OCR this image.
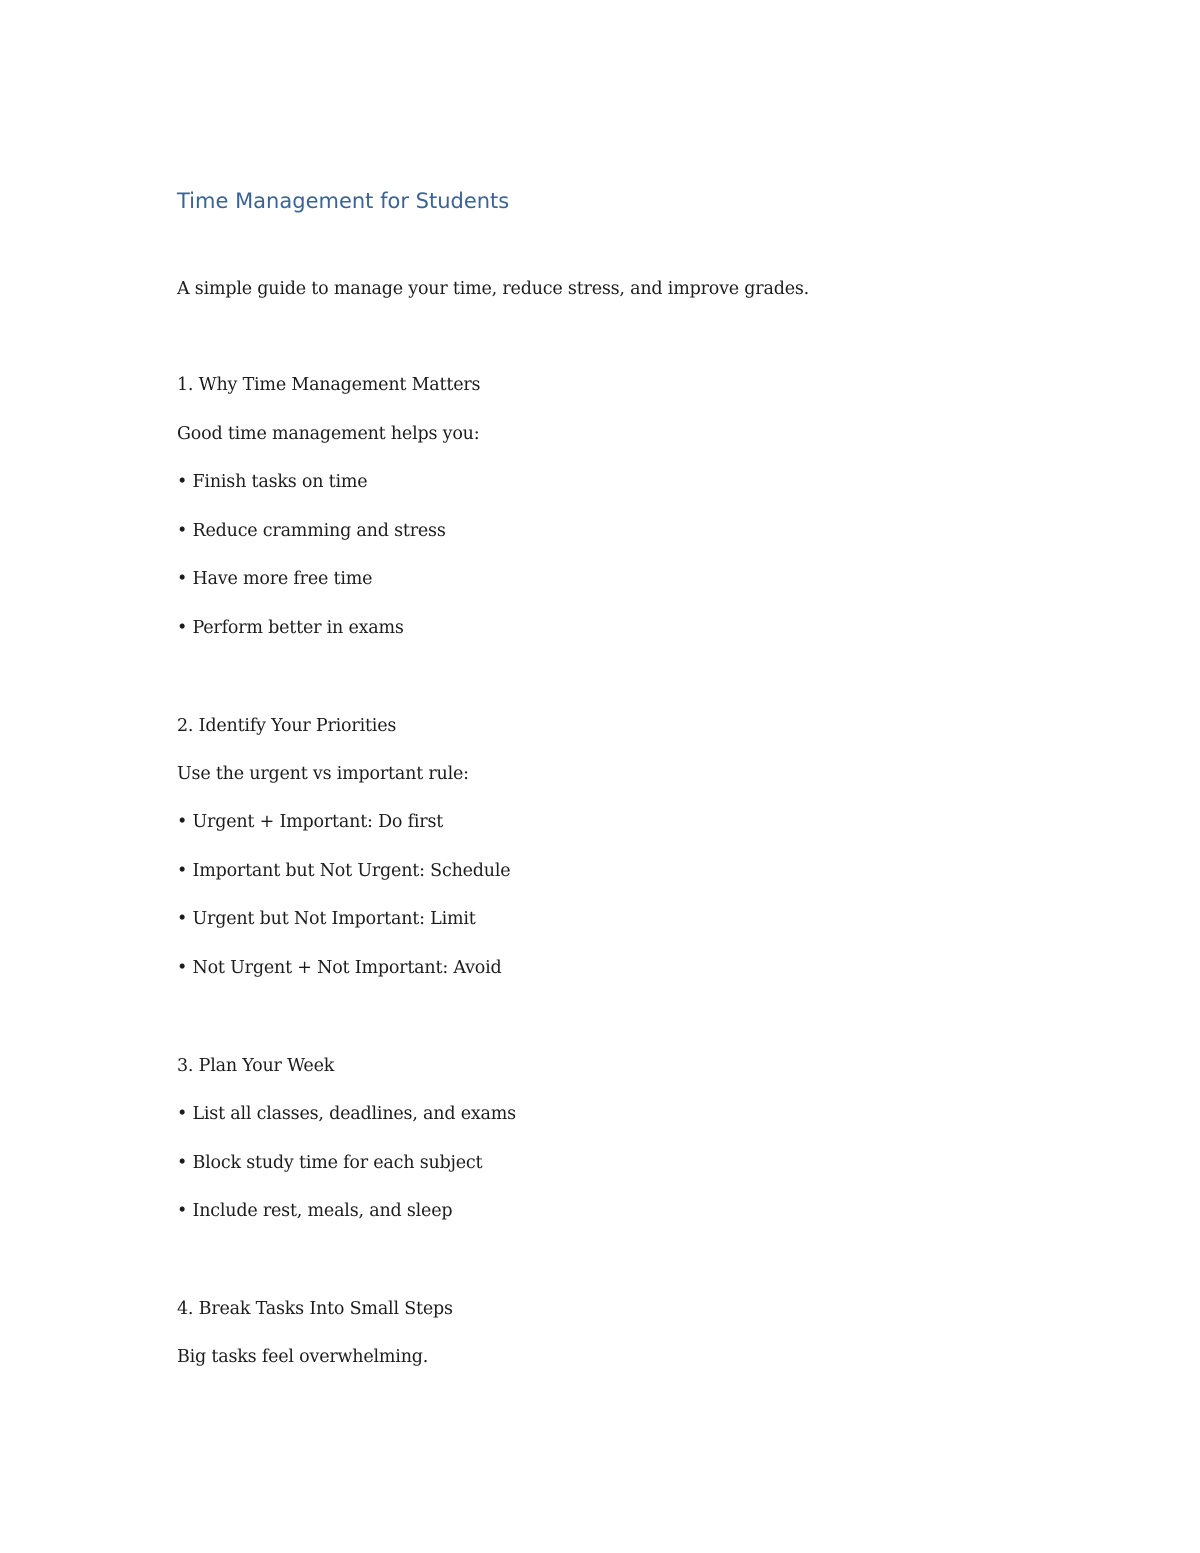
Time Management for Students

A simple guide to manage your time, reduce stress, and improve grades.

1. Why Time Management Matters

Good time management helps you:

• Finish tasks on time

• Reduce cramming and stress

• Have more free time

• Perform better in exams

2. Identify Your Priorities

Use the urgent vs important rule:

• Urgent + Important: Do first

• Important but Not Urgent: Schedule

• Urgent but Not Important: Limit

• Not Urgent + Not Important: Avoid

3. Plan Your Week

• List all classes, deadlines, and exams

• Block study time for each subject

• Include rest, meals, and sleep

4. Break Tasks Into Small Steps

Big tasks feel overwhelming.
